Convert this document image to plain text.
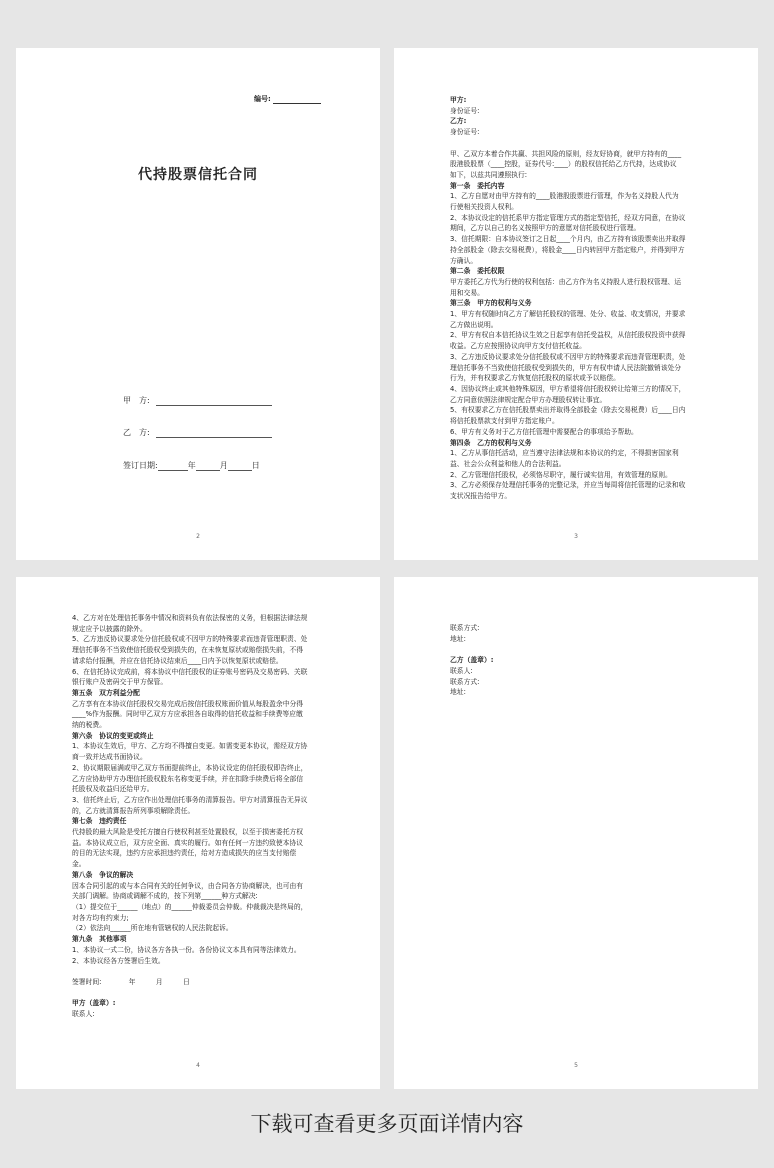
编号:
代持股票信托合同
甲　方:
乙　方:
签订日期:	年	月	日
2
甲方:
身份证号:
乙方:
身份证号:

甲、乙双方本着合作共赢、共担风险的原则，经友好协商，就甲方持有的____
股港股股票（____控股，证券代号:____）的股权信托给乙方代持，达成协议
如下，以兹共同遵照执行:
第一条　委托内容
1、乙方自愿对由甲方持有的____股港股股票进行管理，作为名义持股人代为
行使相关投资人权利。
2、本协议设定的信托系甲方指定管理方式的指定型信托，经双方同意，在协议
期间，乙方以自己的名义按照甲方的意愿对信托股权进行管理。
3、信托期限：自本协议签订之日起____个月内，由乙方持有该股票卖出并取得
持全部股金（除去交易税费），将股金____日内转回甲方指定账户，并得到甲方
方确认。
第二条　委托权限
甲方委托乙方代为行使的权利包括：由乙方作为名义持股人进行股权管理、运
用和交易。
第三条　甲方的权利与义务
1、甲方有权随时向乙方了解信托股权的管理、处分、收益、收支情况，并要求
乙方做出说明。
2、甲方有权自本信托协议生效之日起享有信托受益权，从信托股权投资中获得
收益。乙方应按照协议向甲方支付信托收益。
3、乙方违反协议要求处分信托股权或不因甲方的特殊要求而违背管理职责，处
理信托事务不当致使信托股权受到损失的，甲方有权申请人民法院撤销该处分
行为，并有权要求乙方恢复信托股权的原状或予以赔偿。
4、因协议终止或其他特殊原因，甲方希望将信托股权转让给第三方的情况下，
乙方同意依照法律规定配合甲方办理股权转让事宜。
5、有权要求乙方在信托股票卖出并取得全部股金（除去交易税费）后____日内
将信托股票款支付到甲方指定账户。
6、甲方有义务对于乙方信托管理中需要配合的事项给予帮助。
第四条　乙方的权利与义务
1、乙方从事信托活动，应当遵守法律法规和本协议的约定，不得损害国家利
益、社会公众利益和他人的合法利益。
2、乙方管理信托股权，必须恪尽职守，履行诚实信用，有效管理的原则。
3、乙方必须保存处理信托事务的完整记录，并应当每周将信托管理的记录和收
支状况报告给甲方。
3
4、乙方对在处理信托事务中情况和资料负有依法保密的义务，但根据法律法规
规定应予以披露的除外。
5、乙方违反协议要求处分信托股权或不因甲方的特殊要求而违背管理职责、处
理信托事务不当致使信托股权受到损失的，在未恢复原状或赔偿损失前，不得
请求给付报酬，并应在信托协议结束后____日内予以恢复原状或赔偿。
6、在信托协议完成前，将本协议中信托股权的证券账号密码及交易密码、关联
银行账户及密码交于甲方保管。
第五条　双方利益分配
乙方享有在本协议信托股权交易完成后按信托股权账面价值从每股盈余中分得
____%作为报酬。同时甲乙双方方应承担各自取得的信托收益和手续费等应缴
纳的税费。
第六条　协议的变更或终止
1、本协议生效后，甲方、乙方均不得擅自变更。如需变更本协议，需经双方协
商一致并达成书面协议。
2、协议期限届满或甲乙双方书面提前终止，本协议设定的信托股权即告终止，
乙方应协助甲方办理信托股权股东名称变更手续，并在扣除手续费后将全部信
托股权及收益归还给甲方。
3、信托终止后，乙方应作出处理信托事务的清算报告。甲方对清算报告无异议
的，乙方就清算报告所列事项解除责任。
第七条　违约责任
代持股的最大风险是受托方擅自行使权利甚至处置股权，以至于损害委托方权
益。本协议成立后，双方应全面、真实的履行。如有任何一方违约致使本协议
的目的无法实现，违约方应承担违约责任，给对方造成损失的应当支付赔偿
金。
第八条　争议的解决
因本合同引起的或与本合同有关的任何争议，由合同各方协商解决，也可由有
关部门调解。协商或调解不成的，按下列第______种方式解决:
（1）提交位于______（地点）的______仲裁委员会仲裁。仲裁裁决是终局的，
对各方均有约束力;
（2）依法向______所在地有管辖权的人民法院起诉。
第九条　其他事项
1、本协议一式二份，协议各方各执一份。各份协议文本具有同等法律效力。
2、本协议经各方签署后生效。

签署时间:　　　　年　　　月　　　日

甲方（盖章）:
联系人:
4
联系方式:
地址:

乙方（盖章）:
联系人:
联系方式:
地址:
5
下载可查看更多页面详情内容
